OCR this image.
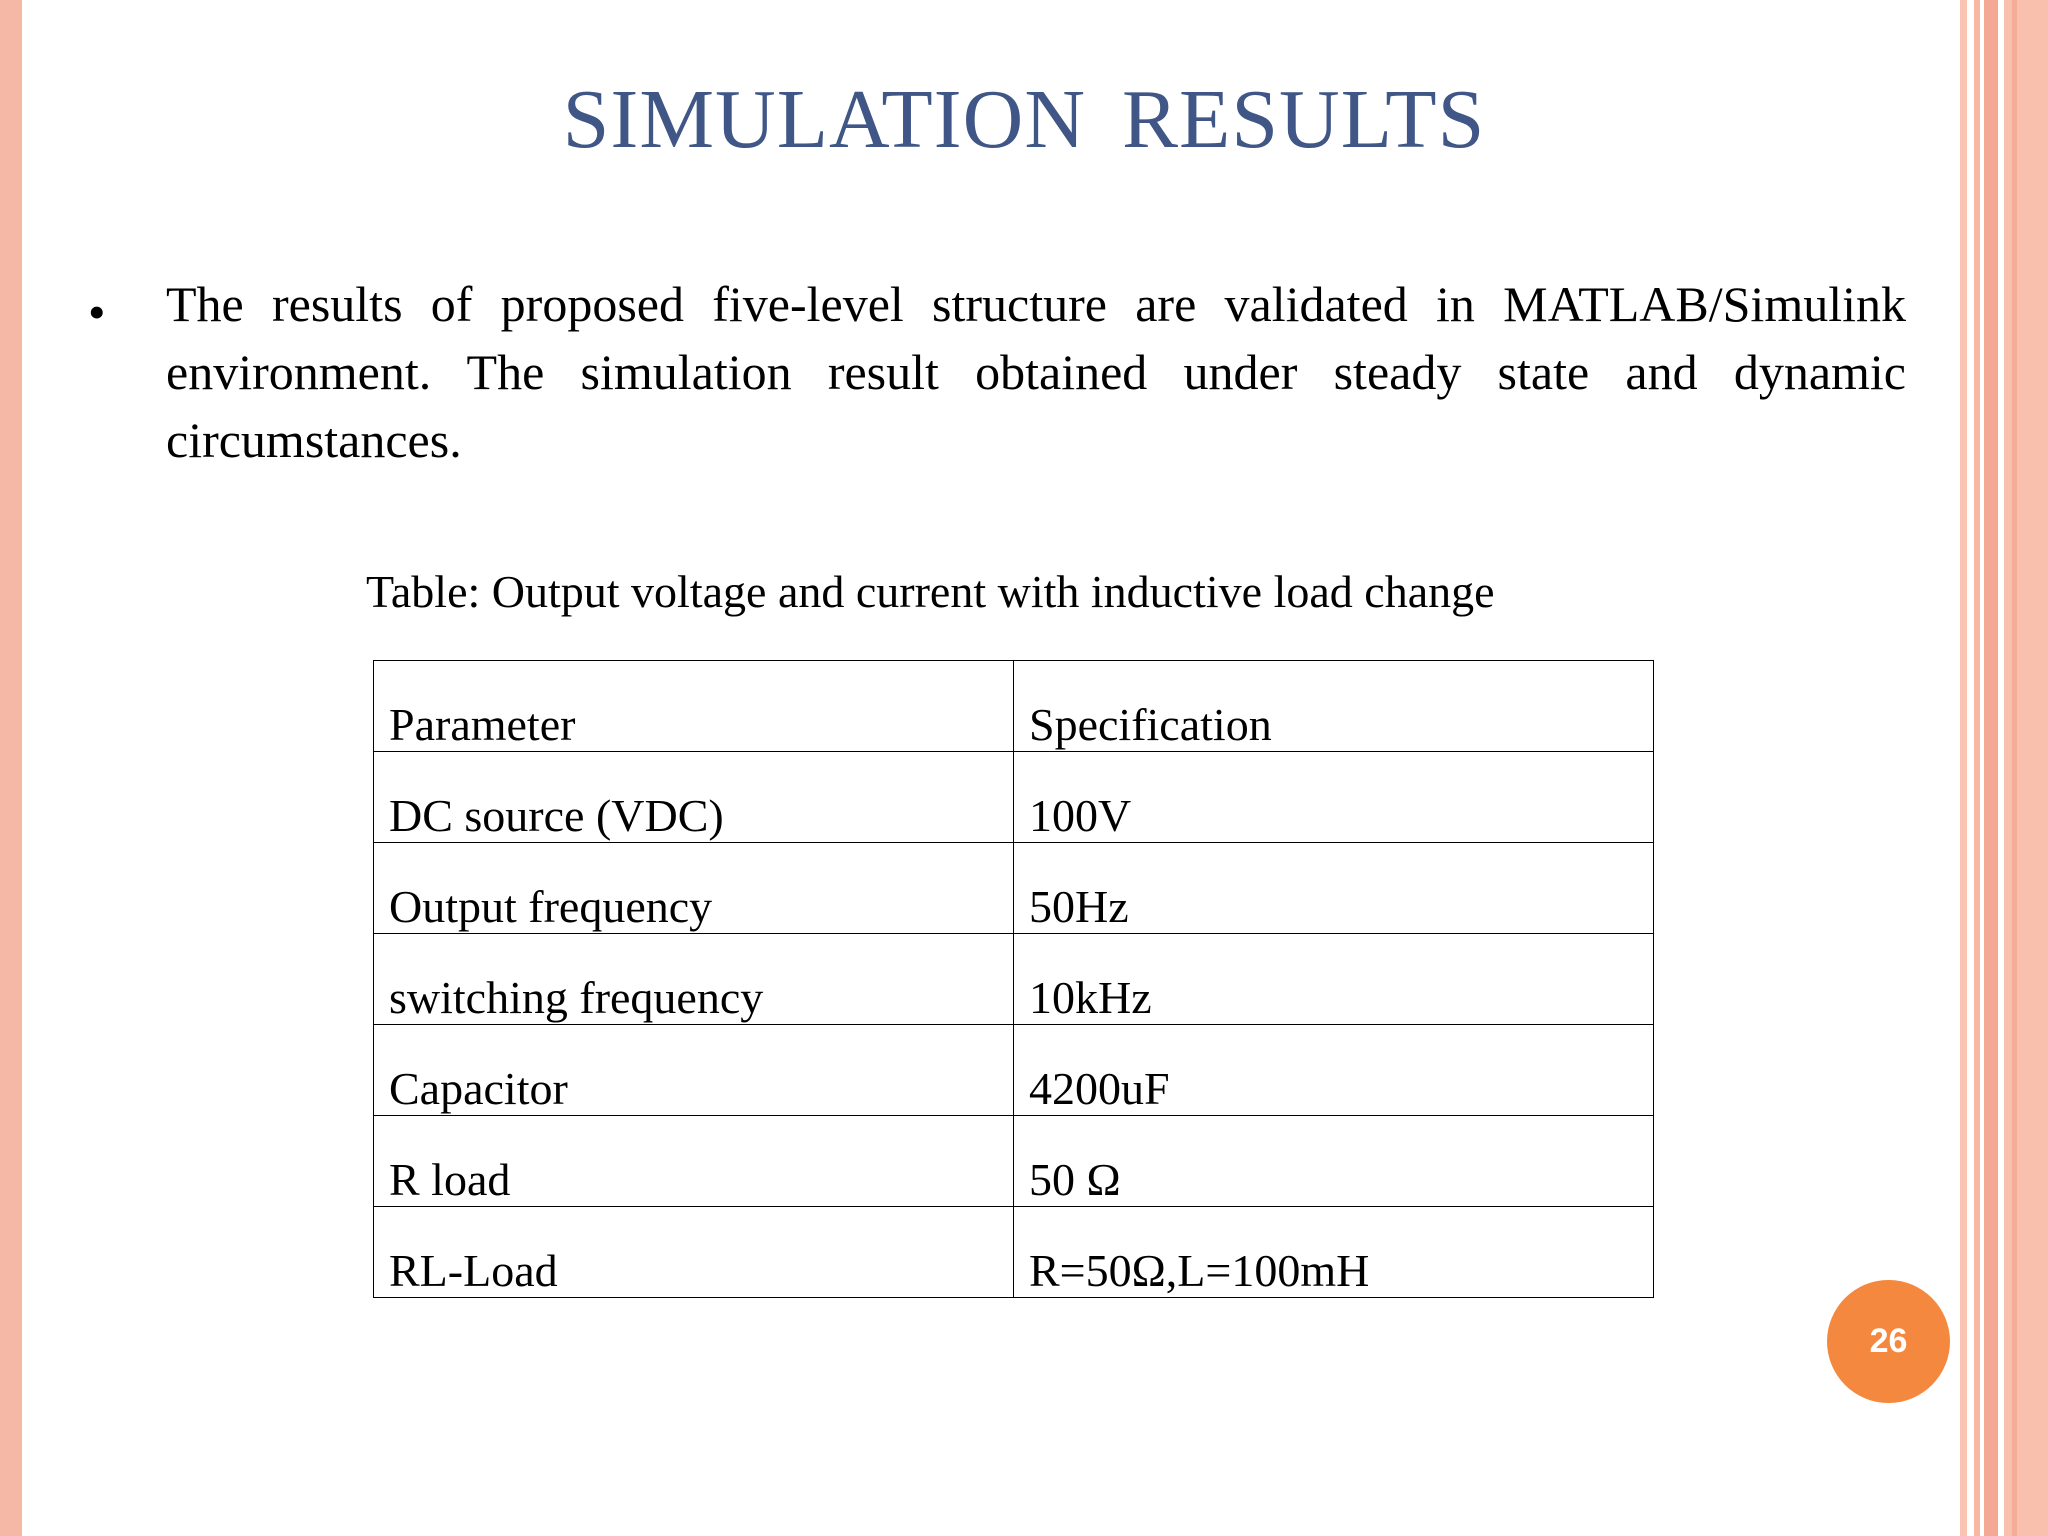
SIMULATION RESULTS
• The results of proposed five-level structure are validated in MATLAB/Simulink environment. The simulation result obtained under steady state and dynamic circumstances.

Table: Output voltage and current with inductive load change
Parameter	Specification
DC source (VDC)	100V
Output frequency	50Hz
switching frequency	10kHz
Capacitor	4200uF
R load	50 Ω
RL-Load	R=50Ω,L=100mH
26
